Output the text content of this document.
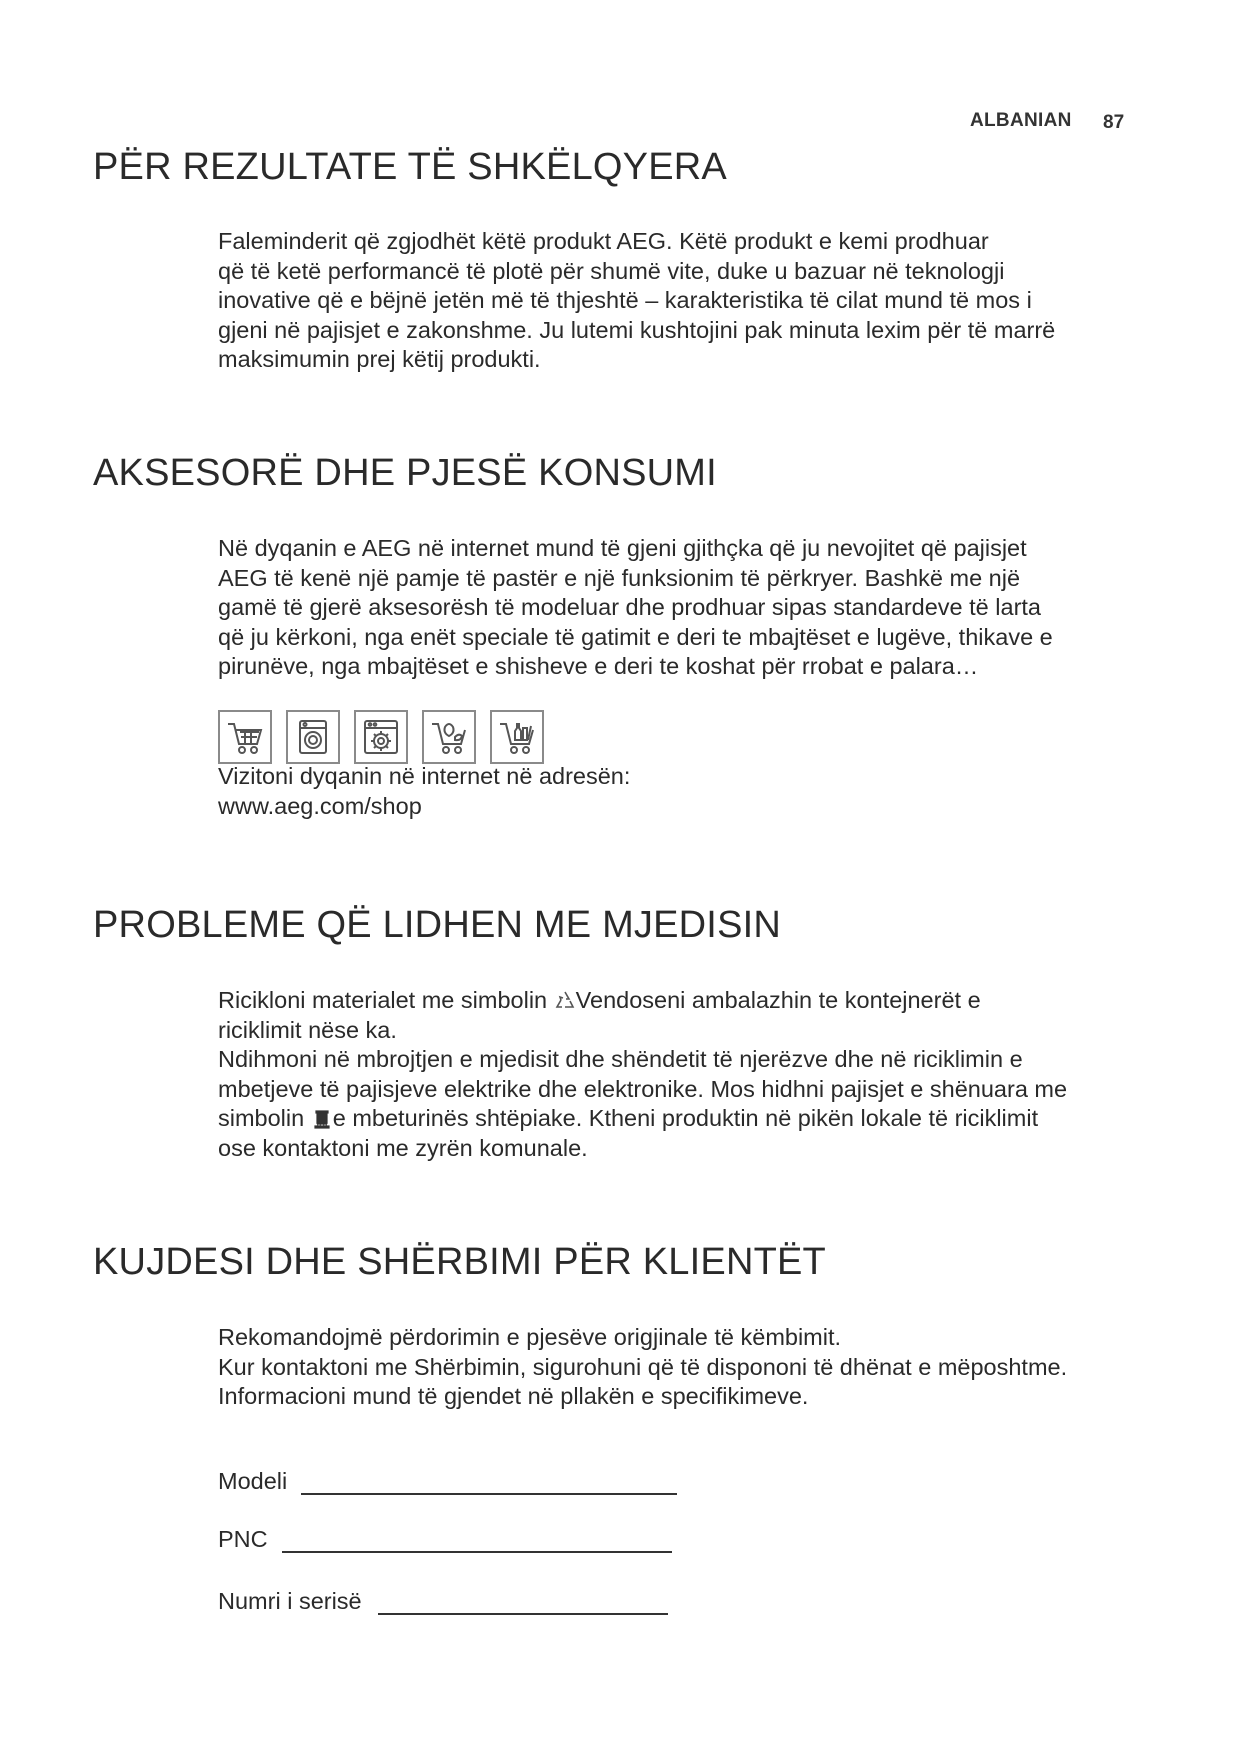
ALBANIAN 87
PËR REZULTATE TË SHKËLQYERA
Faleminderit që zgjodhët këtë produkt AEG. Këtë produkt e kemi prodhuar
që të ketë performancë të plotë për shumë vite, duke u bazuar në teknologji
inovative që e bëjnë jetën më të thjeshtë – karakteristika të cilat mund të mos i
gjeni në pajisjet e zakonshme. Ju lutemi kushtojini pak minuta lexim për të marrë
maksimumin prej këtij produkti.
AKSESORË DHE PJESË KONSUMI
Në dyqanin e AEG në internet mund të gjeni gjithçka që ju nevojitet që pajisjet
AEG të kenë një pamje të pastër e një funksionim të përkryer. Bashkë me një
gamë të gjerë aksesorësh të modeluar dhe prodhuar sipas standardeve të larta
që ju kërkoni, nga enët speciale të gatimit e deri te mbajtëset e lugëve, thikave e
pirunëve, nga mbajtëset e shisheve e deri te koshat për rrobat e palara…
Vizitoni dyqanin në internet në adresën:
www.aeg.com/shop
PROBLEME QË LIDHEN ME MJEDISIN
Ricikloni materialet me simbolin Vendoseni ambalazhin te kontejnerët e
riciklimit nëse ka.
Ndihmoni në mbrojtjen e mjedisit dhe shëndetit të njerëzve dhe në riciklimin e
mbetjeve të pajisjeve elektrike dhe elektronike. Mos hidhni pajisjet e shënuara me
simbolin e mbeturinës shtëpiake. Ktheni produktin në pikën lokale të riciklimit
ose kontaktoni me zyrën komunale.
KUJDESI DHE SHËRBIMI PËR KLIENTËT
Rekomandojmë përdorimin e pjesëve origjinale të këmbimit.
Kur kontaktoni me Shërbimin, sigurohuni që të dispononi të dhënat e mëposhtme.
Informacioni mund të gjendet në pllakën e specifikimeve.
Modeli
PNC
Numri i serisë
